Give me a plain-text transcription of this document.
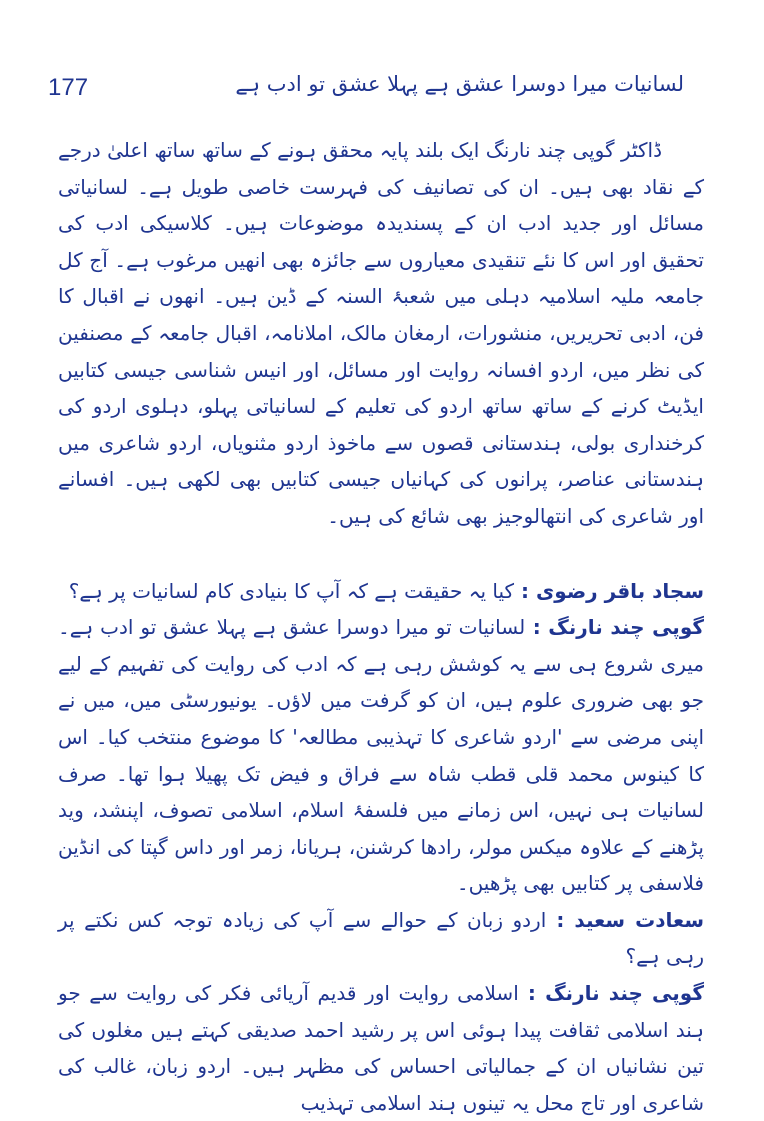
177	لسانیات میرا دوسرا عشق ہے پہلا عشق تو ادب ہے

ڈاکٹر گوپی چند نارنگ ایک بلند پایہ محقق ہونے کے ساتھ ساتھ اعلیٰ درجے کے نقاد بھی ہیں۔ ان کی تصانیف کی فہرست خاصی طویل ہے۔ لسانیاتی مسائل اور جدید ادب ان کے پسندیدہ موضوعات ہیں۔ کلاسیکی ادب کی تحقیق اور اس کا نئے تنقیدی معیاروں سے جائزہ بھی انھیں مرغوب ہے۔ آج کل جامعہ ملیہ اسلامیہ دہلی میں شعبۂ السنہ کے ڈین ہیں۔ انھوں نے اقبال کا فن، ادبی تحریریں، منشورات، ارمغان مالک، املانامہ، اقبال جامعہ کے مصنفین کی نظر میں، اردو افسانہ روایت اور مسائل، اور انیس شناسی جیسی کتابیں ایڈیٹ کرنے کے ساتھ ساتھ اردو کی تعلیم کے لسانیاتی پہلو، دہلوی اردو کی کرخنداری بولی، ہندستانی قصوں سے ماخوذ اردو مثنویاں، اردو شاعری میں ہندستانی عناصر، پرانوں کی کہانیاں جیسی کتابیں بھی لکھی ہیں۔ افسانے اور شاعری کی انتھالوجیز بھی شائع کی ہیں۔

سجاد باقر رضوی : کیا یہ حقیقت ہے کہ آپ کا بنیادی کام لسانیات پر ہے؟

گوپی چند نارنگ : لسانیات تو میرا دوسرا عشق ہے پہلا عشق تو ادب ہے۔ میری شروع ہی سے یہ کوشش رہی ہے کہ ادب کی روایت کی تفہیم کے لیے جو بھی ضروری علوم ہیں، ان کو گرفت میں لاؤں۔ یونیورسٹی میں، میں نے اپنی مرضی سے 'اردو شاعری کا تہذیبی مطالعہ' کا موضوع منتخب کیا۔ اس کا کینوس محمد قلی قطب شاہ سے فراق و فیض تک پھیلا ہوا تھا۔ صرف لسانیات ہی نہیں، اس زمانے میں فلسفۂ اسلام، اسلامی تصوف، اپنشد، وید پڑھنے کے علاوہ میکس مولر، رادھا کرشنن، ہریانا، زمر اور داس گپتا کی انڈین فلاسفی پر کتابیں بھی پڑھیں۔

سعادت سعید : اردو زبان کے حوالے سے آپ کی زیادہ توجہ کس نکتے پر رہی ہے؟

گوپی چند نارنگ : اسلامی روایت اور قدیم آریائی فکر کی روایت سے جو ہند اسلامی ثقافت پیدا ہوئی اس پر رشید احمد صدیقی کہتے ہیں مغلوں کی تین نشانیاں ان کے جمالیاتی احساس کی مظہر ہیں۔ اردو زبان، غالب کی شاعری اور تاج محل یہ تینوں ہند اسلامی تہذیب
